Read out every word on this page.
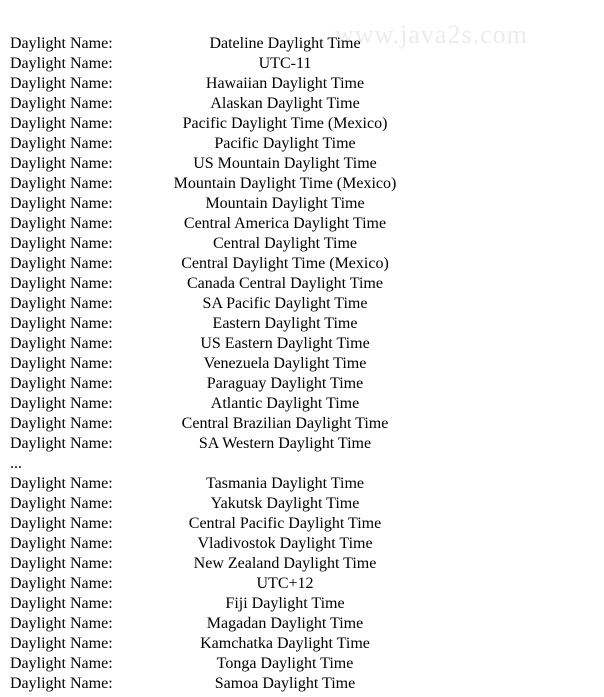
www.java2s.com
Daylight Name:	Dateline Daylight Time
Daylight Name:	UTC-11
Daylight Name:	Hawaiian Daylight Time
Daylight Name:	Alaskan Daylight Time
Daylight Name:	Pacific Daylight Time (Mexico)
Daylight Name:	Pacific Daylight Time
Daylight Name:	US Mountain Daylight Time
Daylight Name:	Mountain Daylight Time (Mexico)
Daylight Name:	Mountain Daylight Time
Daylight Name:	Central America Daylight Time
Daylight Name:	Central Daylight Time
Daylight Name:	Central Daylight Time (Mexico)
Daylight Name:	Canada Central Daylight Time
Daylight Name:	SA Pacific Daylight Time
Daylight Name:	Eastern Daylight Time
Daylight Name:	US Eastern Daylight Time
Daylight Name:	Venezuela Daylight Time
Daylight Name:	Paraguay Daylight Time
Daylight Name:	Atlantic Daylight Time
Daylight Name:	Central Brazilian Daylight Time
Daylight Name:	SA Western Daylight Time
...
Daylight Name:	Tasmania Daylight Time
Daylight Name:	Yakutsk Daylight Time
Daylight Name:	Central Pacific Daylight Time
Daylight Name:	Vladivostok Daylight Time
Daylight Name:	New Zealand Daylight Time
Daylight Name:	UTC+12
Daylight Name:	Fiji Daylight Time
Daylight Name:	Magadan Daylight Time
Daylight Name:	Kamchatka Daylight Time
Daylight Name:	Tonga Daylight Time
Daylight Name:	Samoa Daylight Time
